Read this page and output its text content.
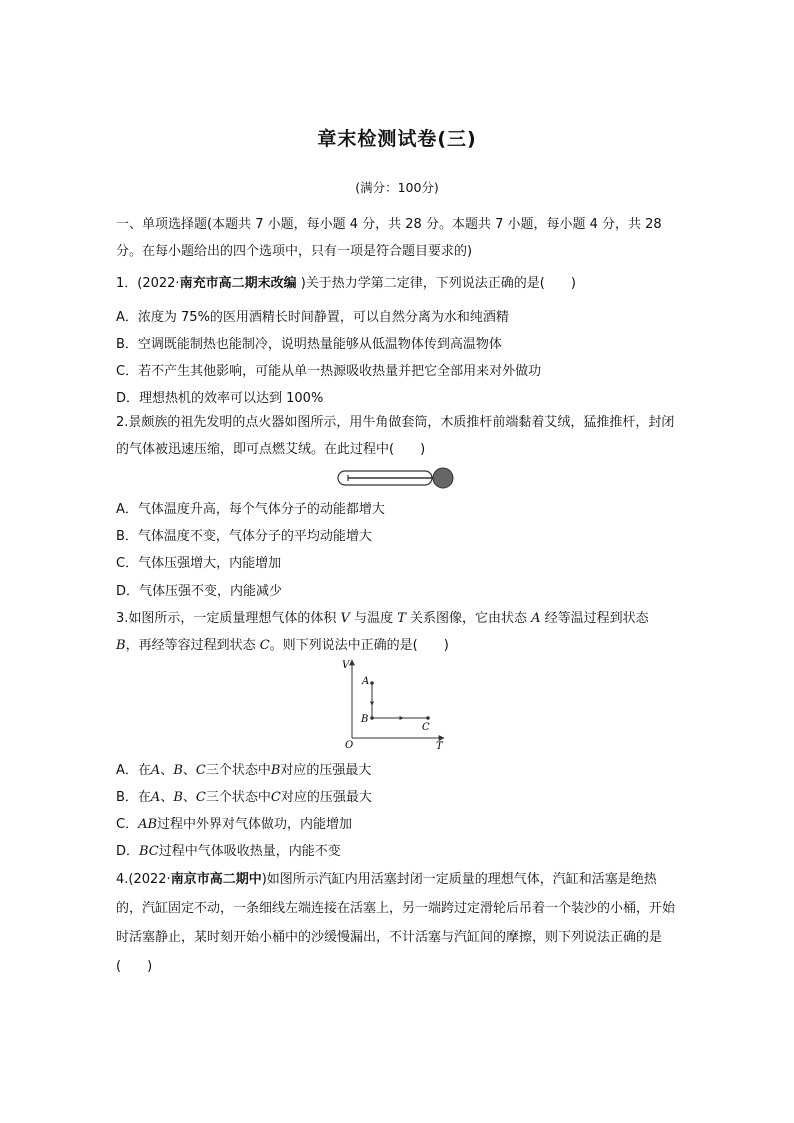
章末检测试卷(三)
(满分：100分)
一、单项选择题(本题共 7 小题，每小题 4 分，共 28 分。本题共 7 小题，每小题 4 分，共 28
分。在每小题给出的四个选项中，只有一项是符合题目要求的)
1．(2022·南充市高二期末改编 )关于热力学第二定律，下列说法正确的是(　　)
A．浓度为 75%的医用酒精长时间静置，可以自然分离为水和纯酒精
B．空调既能制热也能制冷，说明热量能够从低温物体传到高温物体
C．若不产生其他影响，可能从单一热源吸收热量并把它全部用来对外做功
D．理想热机的效率可以达到 100%
2.景颇族的祖先发明的点火器如图所示，用牛角做套筒，木质推杆前端黏着艾绒，猛推推杆，封闭的气体被迅速压缩，即可点燃艾绒。在此过程中(　　)
A．气体温度升高，每个气体分子的动能都增大
B．气体温度不变，气体分子的平均动能增大
C．气体压强增大，内能增加
D．气体压强不变，内能减少
3.如图所示，一定质量理想气体的体积 V 与温度 T 关系图像，它由状态 A 经等温过程到状态
B，再经等容过程到状态 C。则下列说法中正确的是(　　)
V
T
O
A
B
C
A．在A、B、C三个状态中B对应的压强最大
B．在A、B、C三个状态中C对应的压强最大
C．AB过程中外界对气体做功，内能增加
D．BC过程中气体吸收热量，内能不变
4.(2022·南京市高二期中)如图所示汽缸内用活塞封闭一定质量的理想气体，汽缸和活塞是绝热的，汽缸固定不动，一条细线左端连接在活塞上，另一端跨过定滑轮后吊着一个装沙的小桶，开始时活塞静止，某时刻开始小桶中的沙缓慢漏出，不计活塞与汽缸间的摩擦，则下列说法正确的是(　　)
